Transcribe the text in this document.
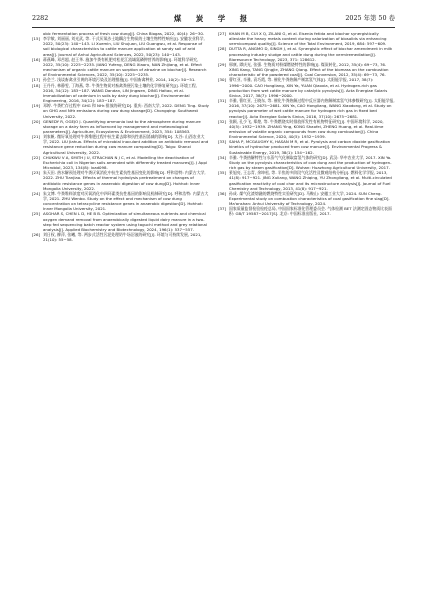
2282	煤 炭 学 报	2025 年第 50 卷

obic fermentation process of fresh cow dung[J]. China Biogas, 2022, 40(4): 26−30.

[15] 李学敏, 刘丽丽, 刘光武, 等. 干式厌氧沙土地耦合生物炭的土壤生物特性响应[J]. 安徽农业科学, 2022, 50(23): 140−143. LI Xuemin, LIU Shujuan, LIU Guangwu, et al. Response of soil biological characteristics to cattle manure application at sandy soil of arid area[J]. Journal of Anhui Agricultural Sciences, 2022, 50(23): 140−143.
[16] 蒋燕峰, 邓苦超, 赵王华. 施加牛粪有机肥对松花江流域氮磷钾营养的影响[J]. 环境科学研究, 2022, 35(10): 2225−2235. JIANG Yufeng, DENG Xiaoru, NAN Zhijiang, et al. Effect mechanism of organic cattle manure on sorption of atrazine on biochar[J]. Research of Environmental Sciences, 2022, 35(10): 2225−2235.
[17] 孙会兰. 浅谈畜禽业引黄的环境污染及治理措施[J]. 中国畜禽种业, 2014, 10(2): 50−51.
[18] 王丹丹, 林静雯, 丁海燕, 等. 牛粪生物炭对畜禽粪便污染土壤的化学修复研究[J]. 环境工程, 2016, 34(12): 183−187. WANG Dandan, LIN Jingwen, DING Haitao, et al. Immobilization of cadmium in soils by dairy dung biochar[J]. Environmental Engineering, 2016, 34(12): 183−187.
[19] 邓婷. 牛粪贮存过程中 GHG 和 NH₃ 排放的研究[D]. 重庆: 西南大学, 2022. DENG Ting. Study on GHG and NH₃ emissions during cow dung storage[D]. Chongqing: Southwest University, 2022.
[20] GENEDY R, OGEJO J. Quantifying ammonia lost to the atmosphere during manure storage on a dairy farm as influenced by management and meteorological parameters[J]. Agriculture, Ecosystems & Environment, 2023, 354: 108563.
[21] 刘家帆. 微好氧处理对牛粪堆肥过程中抗生素去除和抗性基因消减的影响[D]. 太谷: 山西农业大学, 2022. LIU Jiahua. Effects of microbial inoculant addition on antibiotic removal and resistance gene reduction during cow manure composting[D]. Taigu: Shanxi Agricultural University, 2022.
[22] CHUKWU V A, SMITH J U, STRACHAN N J C, et al. Modelling the deactivation of Escherichia coli in Nigerian soils amended with differently treated manures[J]. J Appl Microbiol, 2023, 134(8): lxad098.
[23] 朱天田. 热水解预处理对牛粪厌氧消化中抗生素抗性基因变化的影响[D]. 呼和浩特: 内蒙古大学, 2022. ZHU Tianjiao. Effects of thermal hydrolysis pretreatment on changes of antibiotic resistance genes in anaerobic digestion of cow dung[D]. Hohhot: Inner Mongolia University, 2022.
[24] 朱文博. 牛粪堆料浓度对厌氧消化中四环素类抗性基因的影响及机制研究[D]. 呼和浩特: 内蒙古大学, 2021. ZHU Wenbo. Study on the effect and mechanism of cow dung concentration on tetracycline resistance genes in anaerobic digestion[D]. Hohhot: Inner Mongolia University, 2021.
[25] ASGHAR S, CHEN L D, HE B B. Optimization of simultaneous nutrients and chemical oxygen demand removal from anaerobically digested liquid dairy manure in a two-step fed sequencing batch reactor system using taguchi method and grey relational analysis[J]. Applied Biochemistry and Biotechnology, 2024, 196(1): 537−557.
[26] 刘日权, 柳萍, 张曦, 等. 两步式活性污泥处理奶牛场沼液的研究[J]. 环境与可持续发展, 2021, 21(10): 55−58.
[27] KHAN M B, CUI X Q, ZILANI G, et al. Eisenia fetida and biochar synergistically alleviate the heavy metals content during valorization of biosolids via enhancing vermicompost quality[J]. Science of the Total Environment, 2019, 684: 597−609.
[28] DUTTA R, ANGMO D, SINGH J, et al. Synergistic effect of biochar amendment in milk processing industry sludge and cattle dung during the vermiremediation[J]. Bioresource Technology, 2023, 371: 128612.
[29] 邢康, 谭庆光, 张强. 生物质对粉煤燃烧特性的影响[J]. 煤炭转化, 2012, 35(4): 69−73, 76. XING Kang, TANG Qingjie, ZHANG Qiang. Effect of the biomass on the combustion characteristic of the powdered coal[J]. Coal Conversion, 2012, 35(4): 69−73, 76.
[30] 曹红亚, 辛雅, 袁巧霞, 等. 催化牛粪热解产制富氢气体[J]. 太阳能学报, 2017, 38(7): 1996−2000. CAO Hongliang, XIN Ya, YUAN Qiaoxia, et al. Hydrogen-rich gas production from wet cattle manure by catalytic pyrolysis[J]. Acta Energiae Solaris Sinica, 2017, 38(7): 1996−2000.
[31] 辛雅, 曹红亚, 王晓东, 等. 催化牛粪热解过程中反应器内热解制富氢气体参数研究[J]. 太阳能学报, 2016, 37(10): 2675−2681. XIN Ya, CAO Hongliang, WANG Xiaodong, et al. Study on pyrolysis parameter of wet cattle manure for hydrogen rich gas in fixed bed reactor[J]. Acta Energiae Solaris Sinica, 2016, 37(10): 2675−2681.
[32] 张颖, 孔少飞, 郑煌, 等. 牛粪燃烧实时排放挥发性有机物特征研究[J]. 中国环境科学, 2020, 40(5): 1932−1939. ZHANG Ying, KONG Shaofei, ZHENG Huang, et al. Real-time emission of volatile organic compounds from cow dung combustion[J]. China Environmental Science, 2020, 40(5): 1932−1939.
[33] SAHA P, MCGAUGHY K, HASAN M R, et al. Pyrolysis and carbon dioxide gasification kinetics of hydrochar produced from cow manure[J]. Environmental Progress & Sustainable Energy, 2019, 38(1): 154−162.
[34] 辛雅. 牛粪热解特性与水蒸气气化制取富氢气体的研究[D]. 武汉: 华中农业大学, 2017. XIN Ya. Study on the pyrolysis characteristics of cow dung and the production of hydrogen-rich gas by steam gasification[D]. Wuhan: Huazhong Agricultural University, 2017.
[35] 景旭亮, 王志青, 余坤松, 等. 半焦的多阶段气化活性及微观结构分析[J]. 燃料化学学报, 2013, 41(8): 917−921. JING Xuliang, WANG Zhiqing, YU Zhongliang, et al. Multi-circulated gasification reactivity of coal char and its microstructure analysis[J]. Journal of Fuel Chemistry and Technology, 2013, 41(8): 917−921.
[36] 孙成. 煤气化渣熔融的燃烧特性实验研究[D]. 马鞍山: 安徽工业大学, 2024. SUN Cheng. Experimental study on combustion characteristics of coal gasification fine slag[D]. Ma'anshan: Anhui University of Technology, 2024.
[37] 国家质量监督检验检疫总局, 中国国家标准化管理委员会. 气体检测 BET 法测定固态物质比表面积: GB/T 19587−2017[S]. 北京: 中国标准出版社, 2017.
